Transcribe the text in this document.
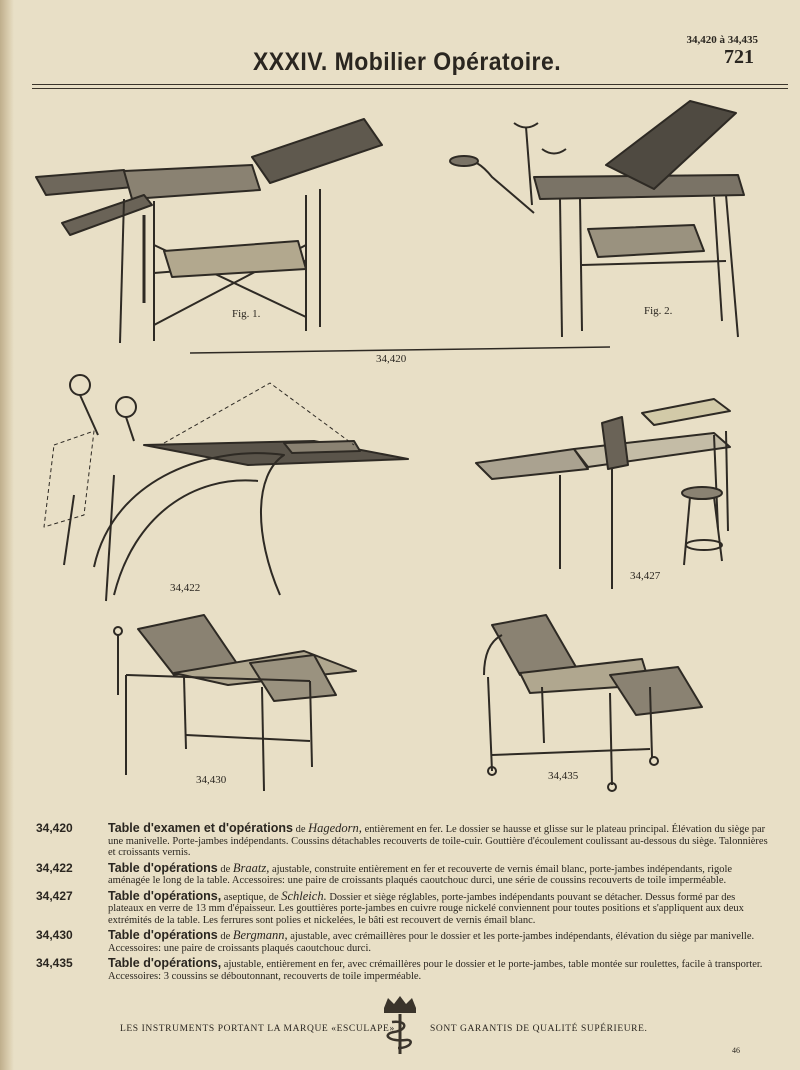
34,420 à 34,435
721
XXXIV. Mobilier Opératoire.
Fig. 1.	Fig. 2.
34,420
34,422
34,427
34,430	34,435
34,420	Table d'examen et d'opérations de Hagedorn, entièrement en fer. Le dossier se hausse et glisse sur le plateau principal. Élévation du siège par une manivelle. Porte-jambes indépendants. Coussins détachables recouverts de toile-cuir. Gouttière d'écoulement coulissant au-dessous du siège. Talonnières et croissants vernis.
34,422	Table d'opérations de Braatz, ajustable, construite entièrement en fer et recouverte de vernis émail blanc, porte-jambes indépendants, rigole aménagée le long de la table. Accessoires: une paire de croissants plaqués caoutchouc durci, une série de coussins recouverts de toile imperméable.
34,427	Table d'opérations, aseptique, de Schleich. Dossier et siège réglables, porte-jambes indépendants pouvant se détacher. Dessus formé par des plateaux en verre de 13 mm d'épaisseur. Les gouttières porte-jambes en cuivre rouge nickelé conviennent pour toutes positions et s'appliquent aux deux extrémités de la table. Les ferrures sont polies et nickelées, le bâti est recouvert de vernis émail blanc.
34,430	Table d'opérations de Bergmann, ajustable, avec crémaillères pour le dossier et les porte-jambes indépendants, élévation du siège par manivelle. Accessoires: une paire de croissants plaqués caoutchouc durci.
34,435	Table d'opérations, ajustable, entièrement en fer, avec crémaillères pour le dossier et le porte-jambes, table montée sur roulettes, facile à transporter. Accessoires: 3 coussins se déboutonnant, recouverts de toile imperméable.
LES INSTRUMENTS PORTANT LA MARQUE «ESCULAPE»	SONT GARANTIS DE QUALITÉ SUPÉRIEURE.
46
